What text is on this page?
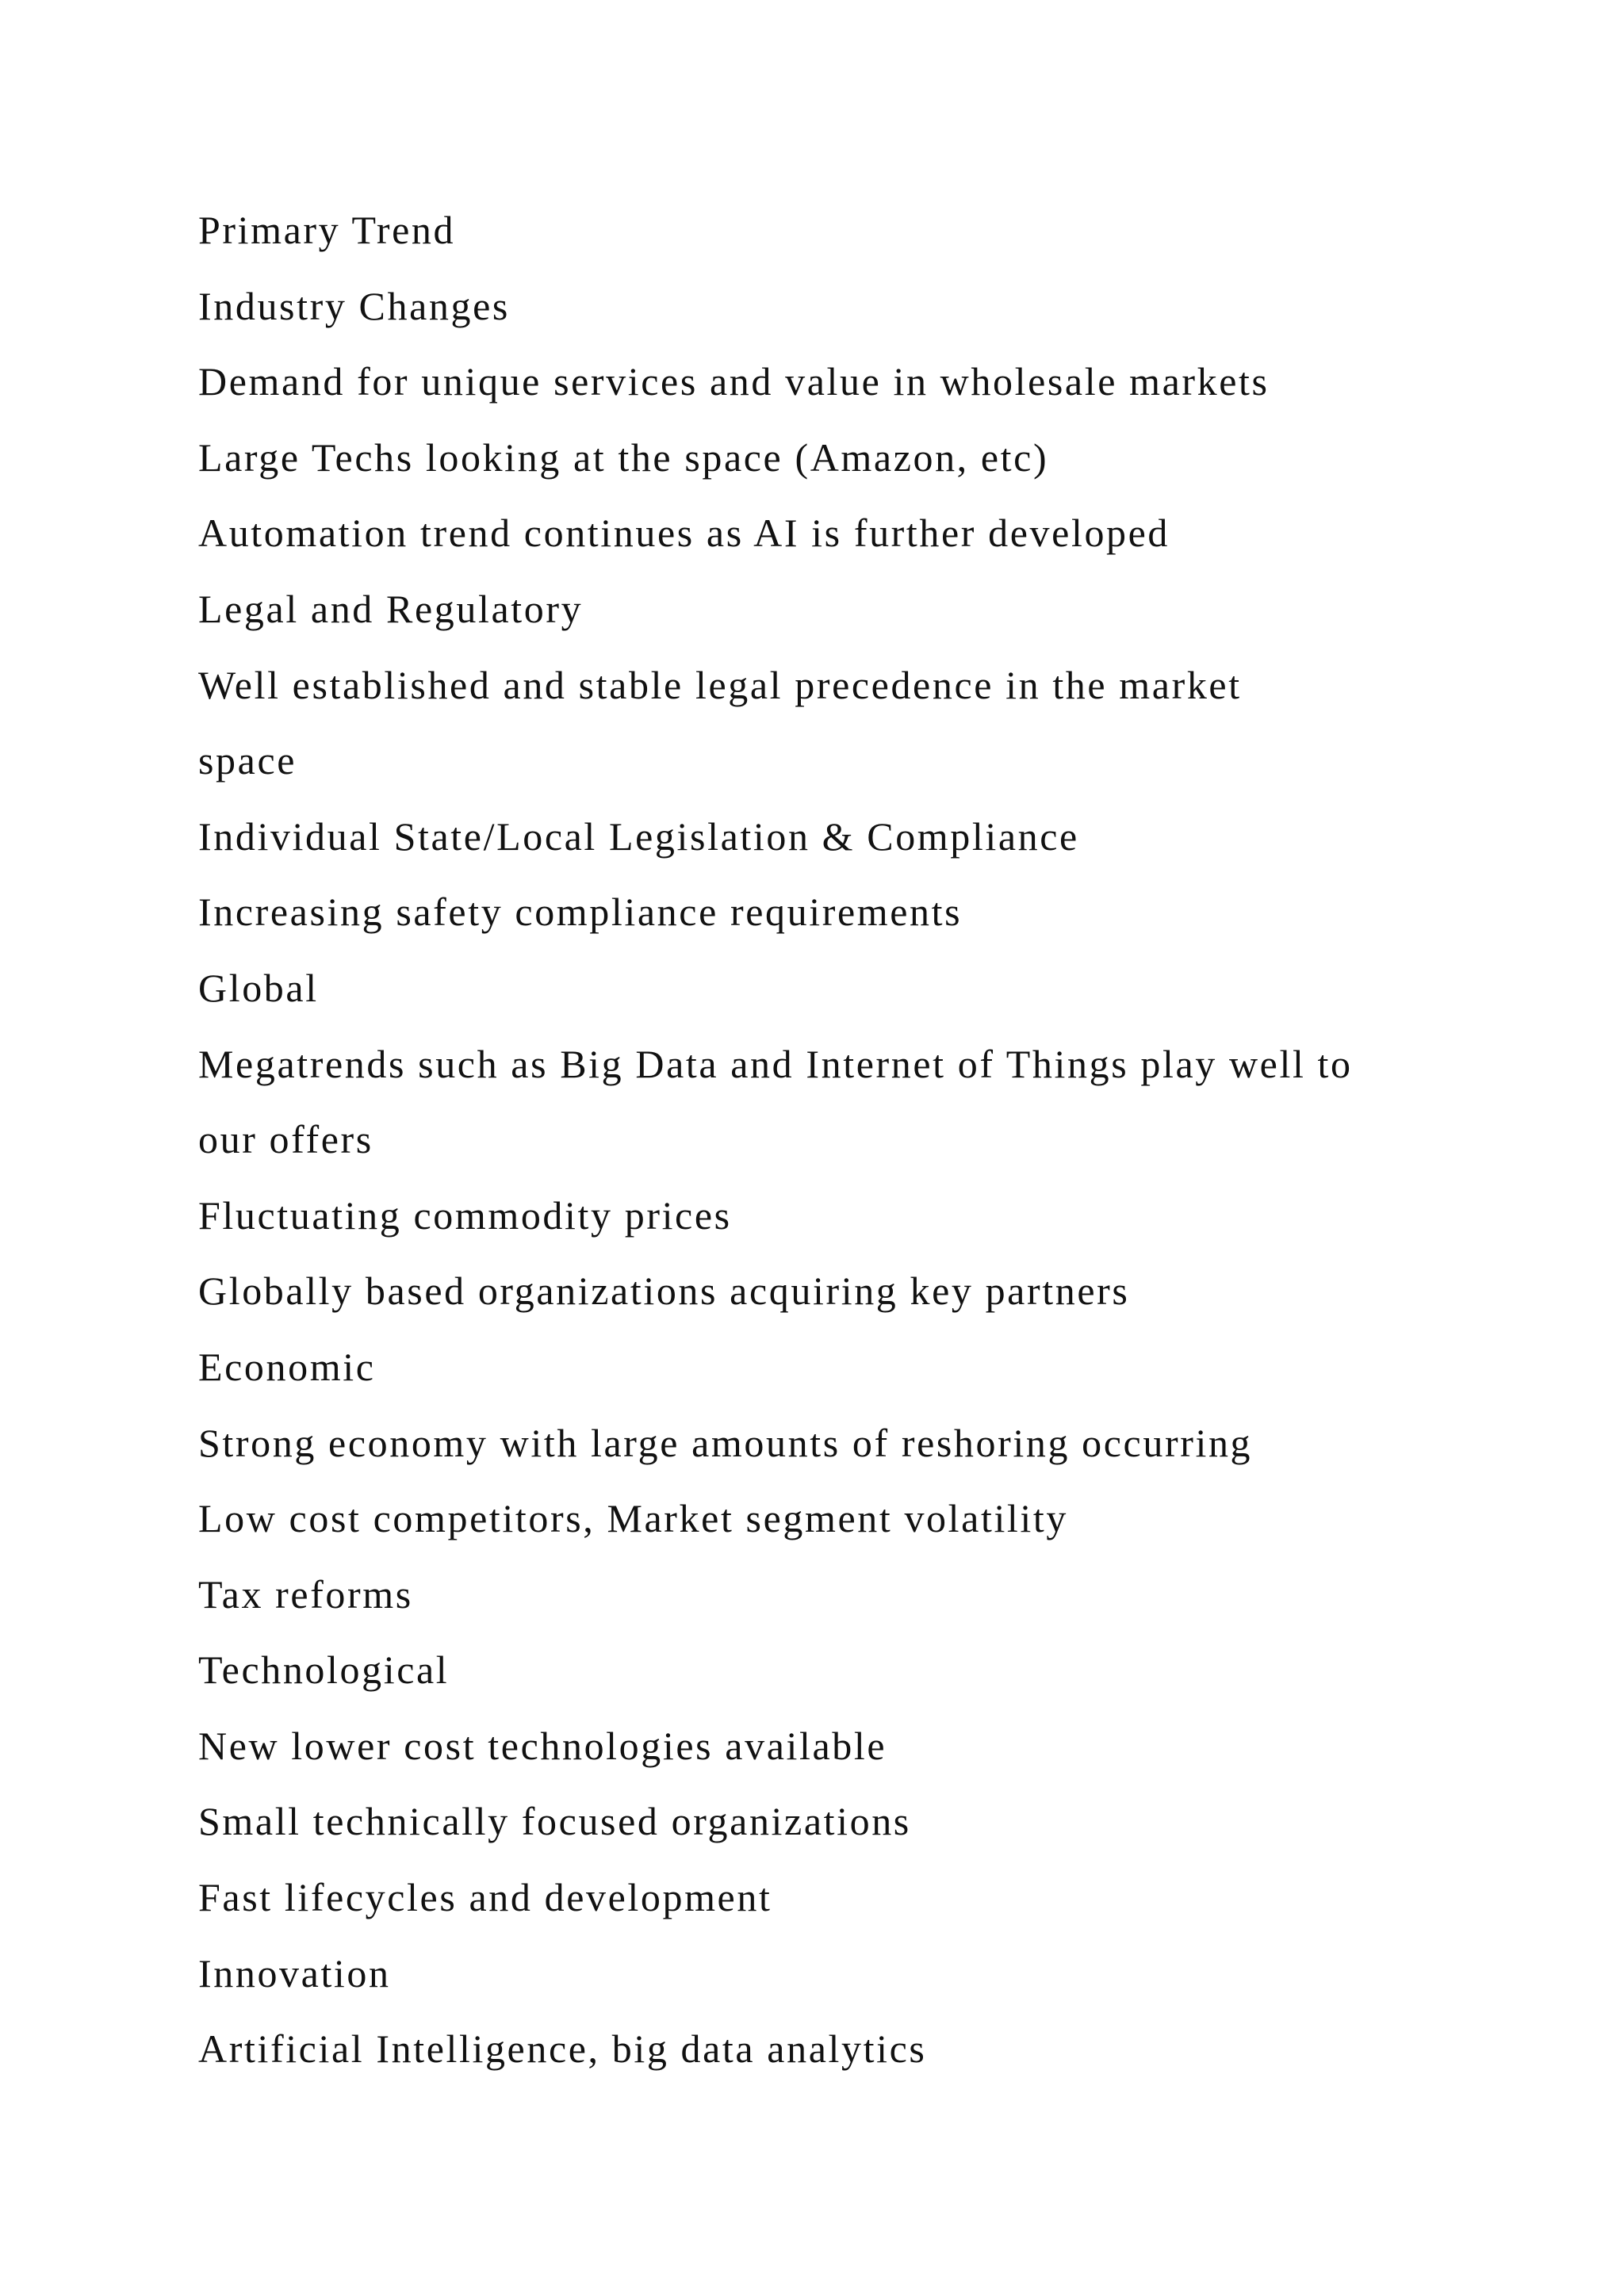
Primary Trend
Industry Changes
Demand for unique services and value in wholesale markets
Large Techs looking at the space (Amazon, etc)
Automation trend continues as AI is further developed
Legal and Regulatory
Well established and stable legal precedence in the market
space
Individual State/Local Legislation & Compliance
Increasing safety compliance requirements
Global
Megatrends such as Big Data and Internet of Things play well to
our offers
Fluctuating commodity prices
Globally based organizations acquiring key partners
Economic
Strong economy with large amounts of reshoring occurring
Low cost competitors, Market segment volatility
Tax reforms
Technological
New lower cost technologies available
Small technically focused organizations
Fast lifecycles and development
Innovation
Artificial Intelligence, big data analytics
